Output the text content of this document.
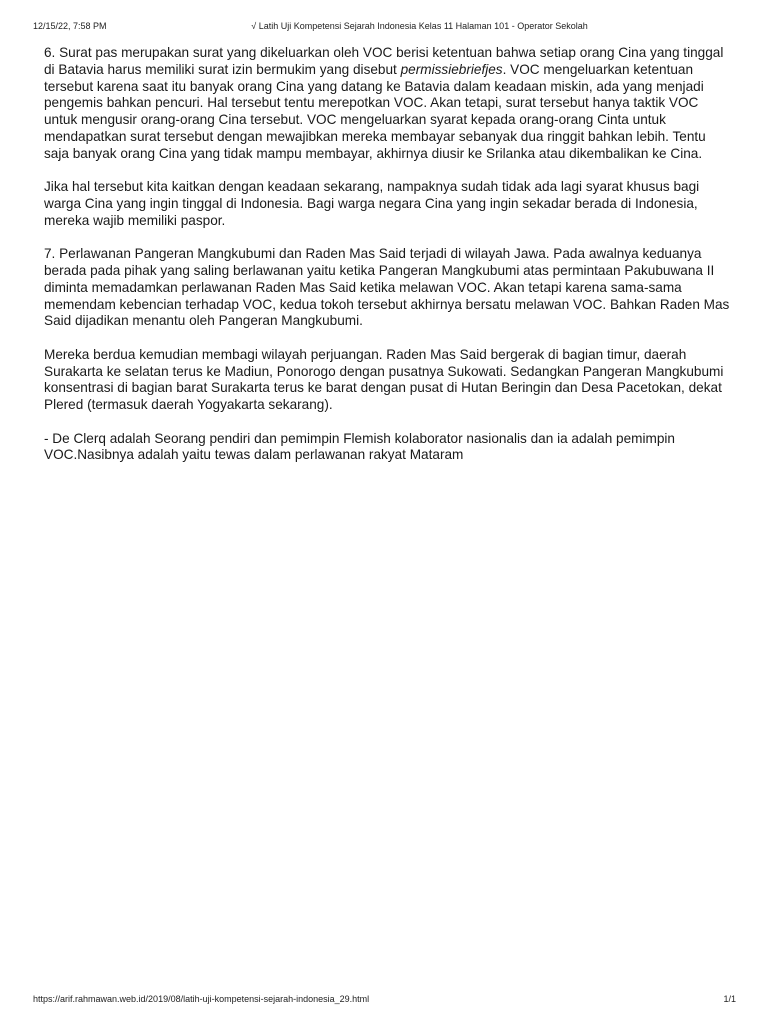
12/15/22, 7:58 PM	√ Latih Uji Kompetensi Sejarah Indonesia Kelas 11 Halaman 101 - Operator Sekolah

6. Surat pas merupakan surat yang dikeluarkan oleh VOC berisi ketentuan bahwa setiap orang Cina yang tinggal di Batavia harus memiliki surat izin bermukim yang disebut permissiebriefjes. VOC mengeluarkan ketentuan tersebut karena saat itu banyak orang Cina yang datang ke Batavia dalam keadaan miskin, ada yang menjadi pengemis bahkan pencuri. Hal tersebut tentu merepotkan VOC. Akan tetapi, surat tersebut hanya taktik VOC untuk mengusir orang-orang Cina tersebut. VOC mengeluarkan syarat kepada orang-orang Cinta untuk mendapatkan surat tersebut dengan mewajibkan mereka membayar sebanyak dua ringgit bahkan lebih. Tentu saja banyak orang Cina yang tidak mampu membayar, akhirnya diusir ke Srilanka atau dikembalikan ke Cina.

Jika hal tersebut kita kaitkan dengan keadaan sekarang, nampaknya sudah tidak ada lagi syarat khusus bagi warga Cina yang ingin tinggal di Indonesia. Bagi warga negara Cina yang ingin sekadar berada di Indonesia, mereka wajib memiliki paspor.

7. Perlawanan Pangeran Mangkubumi dan Raden Mas Said terjadi di wilayah Jawa. Pada awalnya keduanya berada pada pihak yang saling berlawanan yaitu ketika Pangeran Mangkubumi atas permintaan Pakubuwana II diminta memadamkan perlawanan Raden Mas Said ketika melawan VOC. Akan tetapi karena sama-sama memendam kebencian terhadap VOC, kedua tokoh tersebut akhirnya bersatu melawan VOC. Bahkan Raden Mas Said dijadikan menantu oleh Pangeran Mangkubumi.

Mereka berdua kemudian membagi wilayah perjuangan. Raden Mas Said bergerak di bagian timur, daerah Surakarta ke selatan terus ke Madiun, Ponorogo dengan pusatnya Sukowati. Sedangkan Pangeran Mangkubumi konsentrasi di bagian barat Surakarta terus ke barat dengan pusat di Hutan Beringin dan Desa Pacetokan, dekat Plered (termasuk daerah Yogyakarta sekarang).

- De Clerq adalah Seorang pendiri dan pemimpin Flemish kolaborator nasionalis dan ia adalah pemimpin VOC.Nasibnya adalah yaitu tewas dalam perlawanan rakyat Mataram

https://arif.rahmawan.web.id/2019/08/latih-uji-kompetensi-sejarah-indonesia_29.html	1/1
